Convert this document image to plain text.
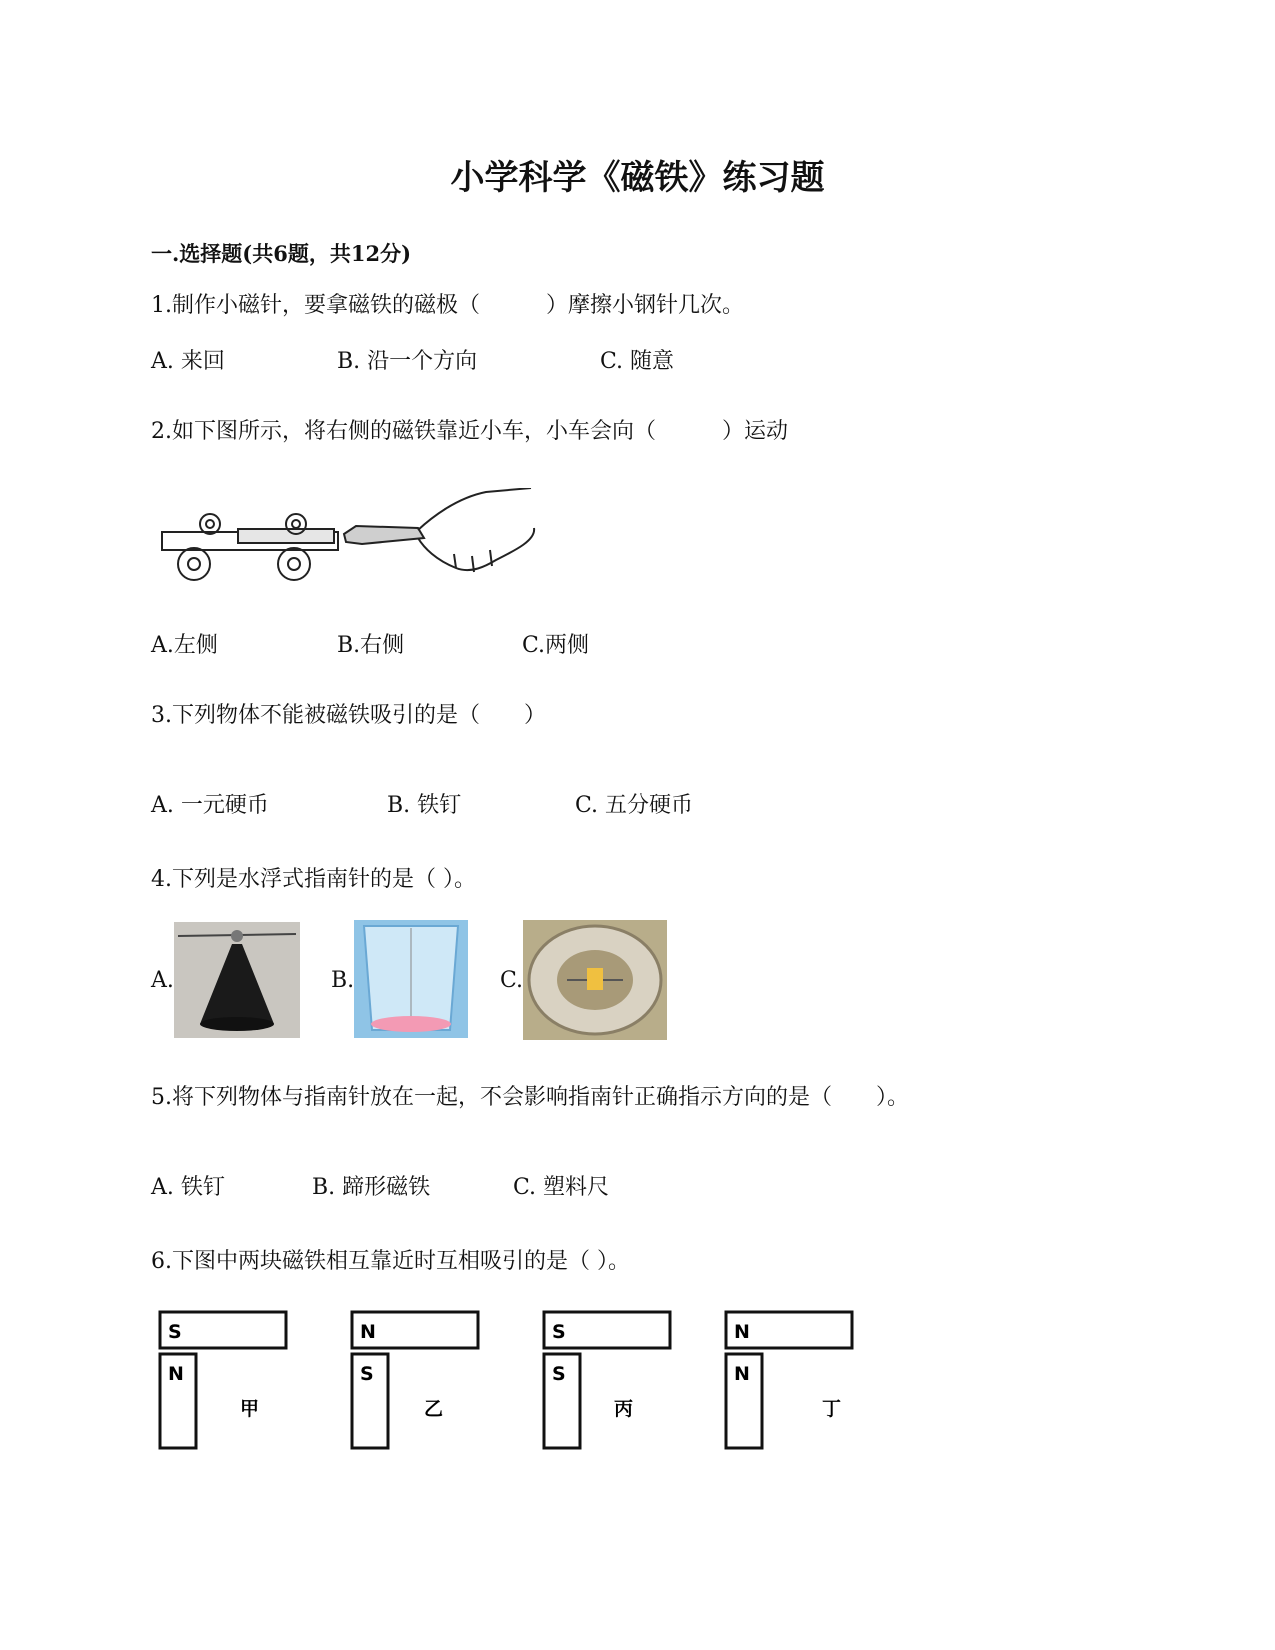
小学科学《磁铁》练习题
一.选择题(共6题，共12分)
1.制作小磁针，要拿磁铁的磁极（　　　）摩擦小钢针几次。
A. 来回	B. 沿一个方向	C. 随意
2.如下图所示，将右侧的磁铁靠近小车，小车会向（　　　）运动
A.左侧	B.右侧	C.两侧
3.下列物体不能被磁铁吸引的是（　　）
A. 一元硬币	B. 铁钉	C. 五分硬币
4.下列是水浮式指南针的是（ ）。
A.	B.	C.
5.将下列物体与指南针放在一起，不会影响指南针正确指示方向的是（　　）。
A. 铁钉	B. 蹄形磁铁	C. 塑料尺
6.下图中两块磁铁相互靠近时互相吸引的是（ ）。
S
N
甲
N
S
乙
S
S
丙
N
N
丁
